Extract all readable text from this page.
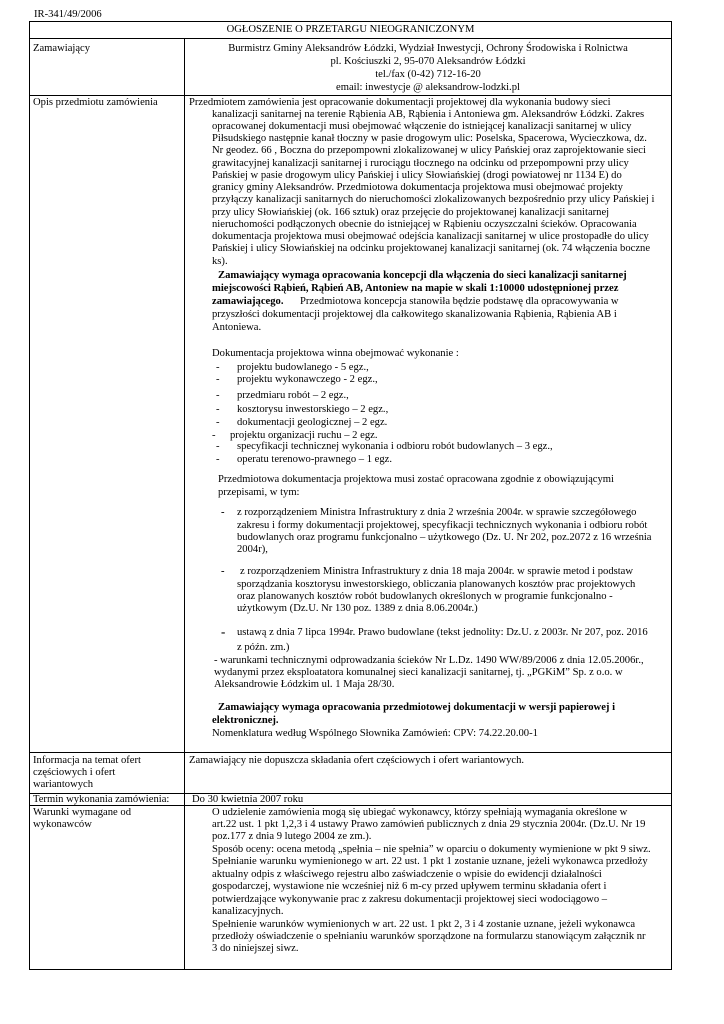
IR-341/49/2006
OGŁOSZENIE O PRZETARGU NIEOGRANICZONYM
Zamawiający	Burmistrz Gminy Aleksandrów Łódzki, Wydział Inwestycji, Ochrony Środowiska i Rolnictwa
pl. Kościuszki 2, 95-070 Aleksandrów Łódzki
tel./fax (0-42) 712-16-20
email: inwestycje @ aleksandrow-lodzki.pl
Opis przedmiotu zamówienia	Przedmiotem zamówienia jest opracowanie dokumentacji projektowej dla wykonania budowy sieci
kanalizacji sanitarnej na terenie Rąbienia AB, Rąbienia i Antoniewa gm. Aleksandrów Łódzki. Zakres
opracowanej dokumentacji musi obejmować włączenie do istniejącej kanalizacji sanitarnej w ulicy
Piłsudskiego następnie kanał tłoczny w pasie drogowym ulic: Poselska, Spacerowa, Wycieczkowa, dz.
Nr geodez. 66 , Boczna do przepompowni zlokalizowanej w ulicy Pańskiej oraz zaprojektowanie sieci
grawitacyjnej kanalizacji sanitarnej i rurociągu tłocznego na odcinku od przepompowni przy ulicy
Pańskiej w pasie drogowym ulicy Pańskiej i ulicy Słowiańskiej (drogi powiatowej nr 1134 E) do
granicy gminy Aleksandrów. Przedmiotowa dokumentacja projektowa musi obejmować projekty
przyłączy kanalizacji sanitarnych do nieruchomości zlokalizowanych bezpośrednio przy ulicy Pańskiej i
przy ulicy Słowiańskiej (ok. 166 sztuk) oraz przejęcie do projektowanej kanalizacji sanitarnej
nieruchomości podłączonych obecnie do istniejącej w Rąbieniu oczyszczalni ścieków. Opracowania
dokumentacja projektowa musi obejmować odejścia kanalizacji sanitarnej w ulice prostopadłe do ulicy
Pańskiej i ulicy Słowiańskiej na odcinku projektowanej kanalizacji sanitarnej (ok. 74 włączenia boczne
ks).
Zamawiający wymaga opracowania koncepcji dla włączenia do sieci kanalizacji sanitarnej
miejscowości Rąbień, Rąbień AB, Antoniew na mapie w skali 1:10000 udostępnionej przez
zamawiającego. Przedmiotowa koncepcja stanowiła będzie podstawę dla opracowywania w
przyszłości dokumentacji projektowej dla całkowitego skanalizowania Rąbienia, Rąbienia AB i
Antoniewa.
Dokumentacja projektowa winna obejmować wykonanie :
- projektu budowlanego - 5 egz.,
- projektu wykonawczego - 2 egz.,
- przedmiaru robót – 2 egz.,
- kosztorysu inwestorskiego – 2 egz.,
- dokumentacji geologicznej – 2 egz.
- projektu organizacji ruchu – 2 egz.
- specyfikacji technicznej wykonania i odbioru robót budowlanych – 3 egz.,
- operatu terenowo-prawnego – 1 egz.
Przedmiotowa dokumentacja projektowa musi zostać opracowana zgodnie z obowiązującymi
przepisami, w tym:
- z rozporządzeniem Ministra Infrastruktury z dnia 2 września 2004r. w sprawie szczegółowego
zakresu i formy dokumentacji projektowej, specyfikacji technicznych wykonania i odbioru robót
budowlanych oraz programu funkcjonalno – użytkowego (Dz. U. Nr 202, poz.2072 z 16 września
2004r),
- z rozporządzeniem Ministra Infrastruktury z dnia 18 maja 2004r. w sprawie metod i podstaw
sporządzania kosztorysu inwestorskiego, obliczania planowanych kosztów prac projektowych
oraz planowanych kosztów robót budowlanych określonych w programie funkcjonalno -
użytkowym (Dz.U. Nr 130 poz. 1389 z dnia 8.06.2004r.)
- ustawą z dnia 7 lipca 1994r. Prawo budowlane (tekst jednolity: Dz.U. z 2003r. Nr 207, poz. 2016
z późn. zm.)
- warunkami technicznymi odprowadzania ścieków Nr L.Dz. 1490 WW/89/2006 z dnia 12.05.2006r.,
wydanymi przez eksploatatora komunalnej sieci kanalizacji sanitarnej, tj. „PGKiM” Sp. z o.o. w
Aleksandrowie Łódzkim ul. 1 Maja 28/30.
Zamawiający wymaga opracowania przedmiotowej dokumentacji w wersji papierowej i
elektronicznej.
Nomenklatura według Wspólnego Słownika Zamówień: CPV: 74.22.20.00-1
Informacja na temat ofert
częściowych i ofert
wariantowych
Zamawiający nie dopuszcza składania ofert częściowych i ofert wariantowych.
Termin wykonania zamówienia: Do 30 kwietnia 2007 roku
Warunki wymagane od
wykonawców
O udzielenie zamówienia mogą się ubiegać wykonawcy, którzy spełniają wymagania określone w
art.22 ust. 1 pkt 1,2,3 i 4 ustawy Prawo zamówień publicznych z dnia 29 stycznia 2004r. (Dz.U. Nr 19
poz.177 z dnia 9 lutego 2004 ze zm.).
Sposób oceny: ocena metodą „spełnia – nie spełnia” w oparciu o dokumenty wymienione w pkt 9 siwz.
Spełnianie warunku wymienionego w art. 22 ust. 1 pkt 1 zostanie uznane, jeżeli wykonawca przedłoży
aktualny odpis z właściwego rejestru albo zaświadczenie o wpisie do ewidencji działalności
gospodarczej, wystawione nie wcześniej niż 6 m-cy przed upływem terminu składania ofert i
potwierdzające wykonywanie prac z zakresu dokumentacji projektowej sieci wodociągowo –
kanalizacyjnych.
Spełnienie warunków wymienionych w art. 22 ust. 1 pkt 2, 3 i 4 zostanie uznane, jeżeli wykonawca
przedłoży oświadczenie o spełnianiu warunków sporządzone na formularzu stanowiącym załącznik nr
3 do niniejszej siwz.
